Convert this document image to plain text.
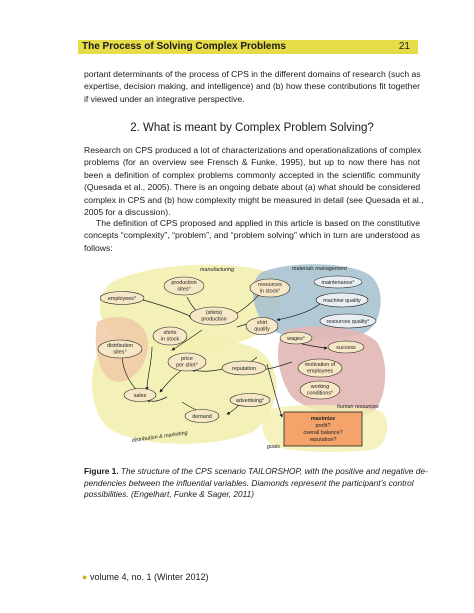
The Process of Solving Complex Problems	21

portant determinants of the process of CPS in the different domains of research (such as
expertise, decision making, and intelligence) and (b) how these contributions fit together
if viewed under an integrative perspective.

2. What is meant by Complex Problem Solving?

Research on CPS produced a lot of characterizations and operationalizations of complex
problems (for an overview see Frensch & Funke, 1995), but up to now there has not
been a definition of complex problems commonly accepted in the scientific community
(Quesada et al., 2005). There is an ongoing debate about (a) what should be considered
complex in CPS and (b) how complexity might be measured in detail (see Quesada et al.,
2005 for a discussion).

The definition of CPS proposed and applied in this article is based on the constitutive
concepts “complexity”, “problem”, and “problem solving” which in turn are understood as
follows:

manufacturing	materials management
distribution & marketing
human resources
goals
production
sites°
resources
in stock°
maintenance°
machine quality
resources quality°
employees°
(shirts)
production
shirt
quality
shirts
in stock
distribution
sites°
price
per shirt°
wages°
success
motivation of
employees
working
conditions°
reputation
sales
advertising°
demand	maximize
profit?
overall balance?
reputation?
Figure 1. The structure of the CPS scenario TAILORSHOP, with the positive and negative de-
pendencies between the influential variables. Diamonds represent the participant’s control
possibilities. (Engelhart, Funke & Sager, 2011)
● volume 4, no. 1 (Winter 2012)
